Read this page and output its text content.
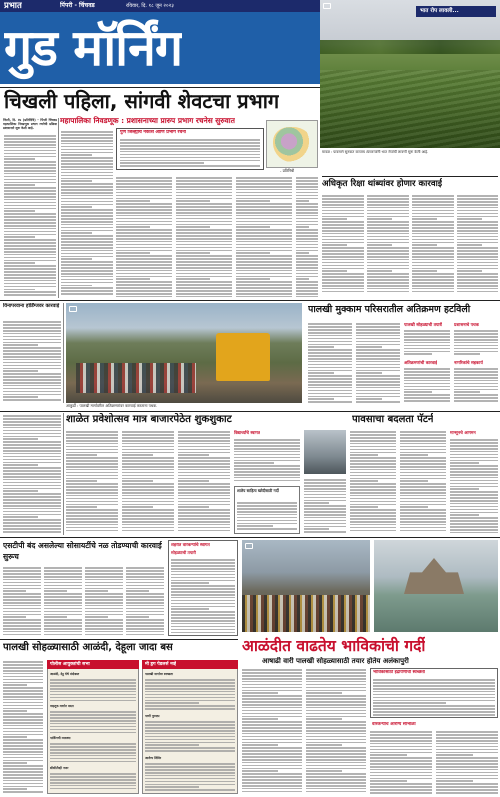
प्रभात	पिंपरी - चिंचवड	रविवार, दि. १८ जून २०२३
गुड मॉर्निंग
भात रोप लावली...
मावळ : पावसाने सुरुवात करताच शेतकऱ्यांनी भात रोपांची लावणी सुरू केली आहे.
चिखली पहिला, सांगवी शेवटचा प्रभाग
महापालिका निवडणूक : प्रशासनाच्या प्रारुप प्रभाग रचनेस सुरुवात
पिंपरी, दि. १७ (प्रतिनिधि) - पिंपरी चिंचवड महापालिका निवडणूक प्रभाग रचनेची प्रक्रिया प्रशासनाने सुरू केली आहे.
पुणे जिल्ह्याचे नकाशे आणि प्रभाग रचना
- प्रतिनिधी
अधिकृत रिक्षा थांब्यांवर होणार कारवाई
विनापरवाना होर्डिंग्जवर कारवाई
आकुर्डी : पालखी मार्गावरील अतिक्रमणांवर कारवाई करताना पथक.
पालखी मुक्काम परिसरातील अतिक्रमण हटविली
पालखी सोहळ्याची तयारी
अतिक्रमणांची कारवाई
प्रशासनाचे पथक
नागरिकांचे सहकार्य
शाळेत प्रवेशोत्सव मात्र बाजारपेठेत शुकशुकाट
विद्यार्थ्यांचे स्वागत
शालेय साहित्य खरेदीसाठी गर्दी
पावसाचा बदलता पॅटर्न
मान्सूनचे आगमन
एसटीपी बंद असलेल्या सोसायटींचे नळ तोडण्याची कारवाई सुरूच
शहरात वारकऱ्यांचे स्वागत
सोहळ्याची तयारी
आळंदीत वाढतेय भाविकांची गर्दी
आषाढी वारी पालखी सोहळ्यासाठी तयार होतेय अलंकापुरी
भाविकांसाठी इंद्रायणीची स्वच्छता
वारकऱ्यांचे आरोग्य सांभाळा
पालखी सोहळ्यासाठी आळंदी, देहूला जादा बस
पोलीस आयुक्तांची सभा
आळंदी, देहू येथे बंदोबस्त
वाहतूक मार्गात बदल
पार्किंगची व्यवस्था
सीसीटीव्ही नजर
मी ड्रग पेडलर्स नव्हे
पालखी मार्गावर स्वच्छता
पाणी पुरवठा
आरोग्य शिबिर
